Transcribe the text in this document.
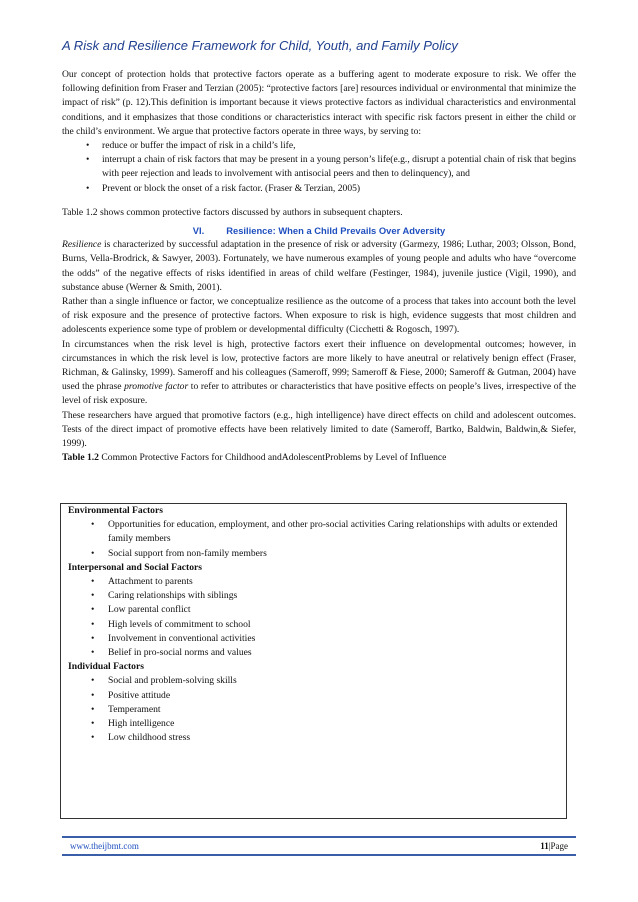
A Risk and Resilience Framework for Child, Youth, and Family Policy

Our concept of protection holds that protective factors operate as a buffering agent to moderate exposure to risk. We offer the following definition from Fraser and Terzian (2005): “protective factors [are] resources individual or environmental that minimize the impact of risk” (p. 12).This definition is important because it views protective factors as individual characteristics and environmental conditions, and it emphasizes that those conditions or characteristics interact with specific risk factors present in either the child or the child’s environment. We argue that protective factors operate in three ways, by serving to:

• reduce or buffer the impact of risk in a child’s life,
• interrupt a chain of risk factors that may be present in a young person’s life(e.g., disrupt a potential chain of risk that begins with peer rejection and leads to involvement with antisocial peers and then to delinquency), and
• Prevent or block the onset of a risk factor. (Fraser & Terzian, 2005)

Table 1.2 shows common protective factors discussed by authors in subsequent chapters.

VI. Resilience: When a Child Prevails Over Adversity

Resilience is characterized by successful adaptation in the presence of risk or adversity (Garmezy, 1986; Luthar, 2003; Olsson, Bond, Burns, Vella-Brodrick, & Sawyer, 2003). Fortunately, we have numerous examples of young people and adults who have “overcome the odds” of the negative effects of risks identified in areas of child welfare (Festinger, 1984), juvenile justice (Vigil, 1990), and substance abuse (Werner & Smith, 2001).

Rather than a single influence or factor, we conceptualize resilience as the outcome of a process that takes into account both the level of risk exposure and the presence of protective factors. When exposure to risk is high, evidence suggests that most children and adolescents experience some type of problem or developmental difficulty (Cicchetti & Rogosch, 1997).

In circumstances when the risk level is high, protective factors exert their influence on developmental outcomes; however, in circumstances in which the risk level is low, protective factors are more likely to have aneutral or relatively benign effect (Fraser, Richman, & Galinsky, 1999). Sameroff and his colleagues (Sameroff, 999; Sameroff & Fiese, 2000; Sameroff & Gutman, 2004) have used the phrase promotive factor to refer to attributes or characteristics that have positive effects on people’s lives, irrespective of the level of risk exposure.

These researchers have argued that promotive factors (e.g., high intelligence) have direct effects on child and adolescent outcomes. Tests of the direct impact of promotive effects have been relatively limited to date (Sameroff, Bartko, Baldwin, Baldwin,& Siefer, 1999).

Table 1.2 Common Protective Factors for Childhood andAdolescentProblems by Level of Influence

Environmental Factors
• Opportunities for education, employment, and other pro-social activities Caring relationships with adults or extended family members
• Social support from non-family members
Interpersonal and Social Factors
• Attachment to parents
• Caring relationships with siblings
• Low parental conflict
• High levels of commitment to school
• Involvement in conventional activities
• Belief in pro-social norms and values
Individual Factors
• Social and problem-solving skills
• Positive attitude
• Temperament
• High intelligence
• Low childhood stress
www.theijbmt.com	11|Page
